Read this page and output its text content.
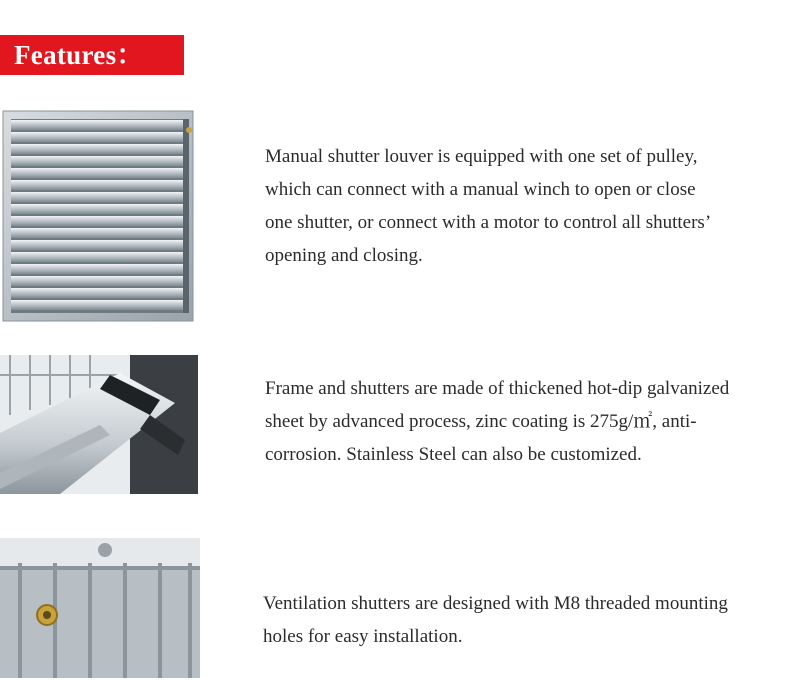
Features：
Manual shutter louver is equipped with one set of pulley,
which can connect with a manual winch to open or close
one shutter, or connect with a motor to control all shutters’
opening and closing.
Frame and shutters are made of thickened hot-dip galvanized
sheet by advanced process, zinc coating is 275g/㎡, anti-
corrosion. Stainless Steel can also be customized.
Ventilation shutters are designed with M8 threaded mounting
holes for easy installation.
